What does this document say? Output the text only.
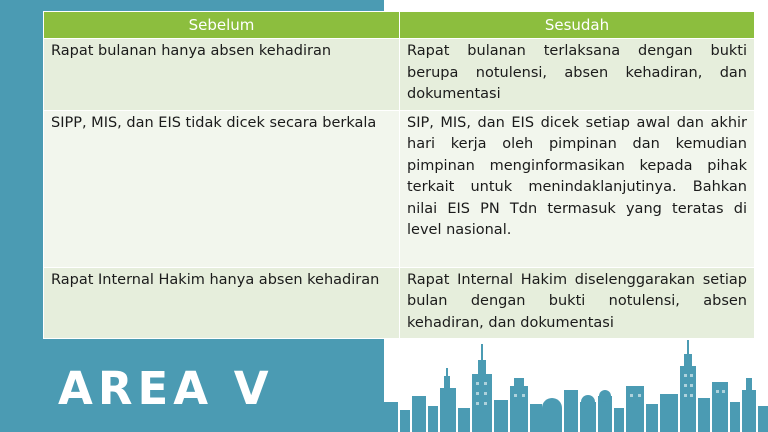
Sebelum	Sesudah
Rapat bulanan hanya absen kehadiran	Rapat bulanan terlaksana dengan bukti berupa notulensi, absen kehadiran, dan dokumentasi
SIPP, MIS, dan EIS tidak dicek secara berkala	SIP, MIS, dan EIS dicek setiap awal dan akhir hari kerja oleh pimpinan dan kemudian pimpinan menginformasikan kepada pihak terkait untuk menindaklanjutinya. Bahkan nilai EIS PN Tdn termasuk yang teratas di level nasional.
Rapat Internal Hakim hanya absen kehadiran	Rapat Internal Hakim diselenggarakan setiap bulan dengan bukti notulensi, absen kehadiran, dan dokumentasi
AREA V
